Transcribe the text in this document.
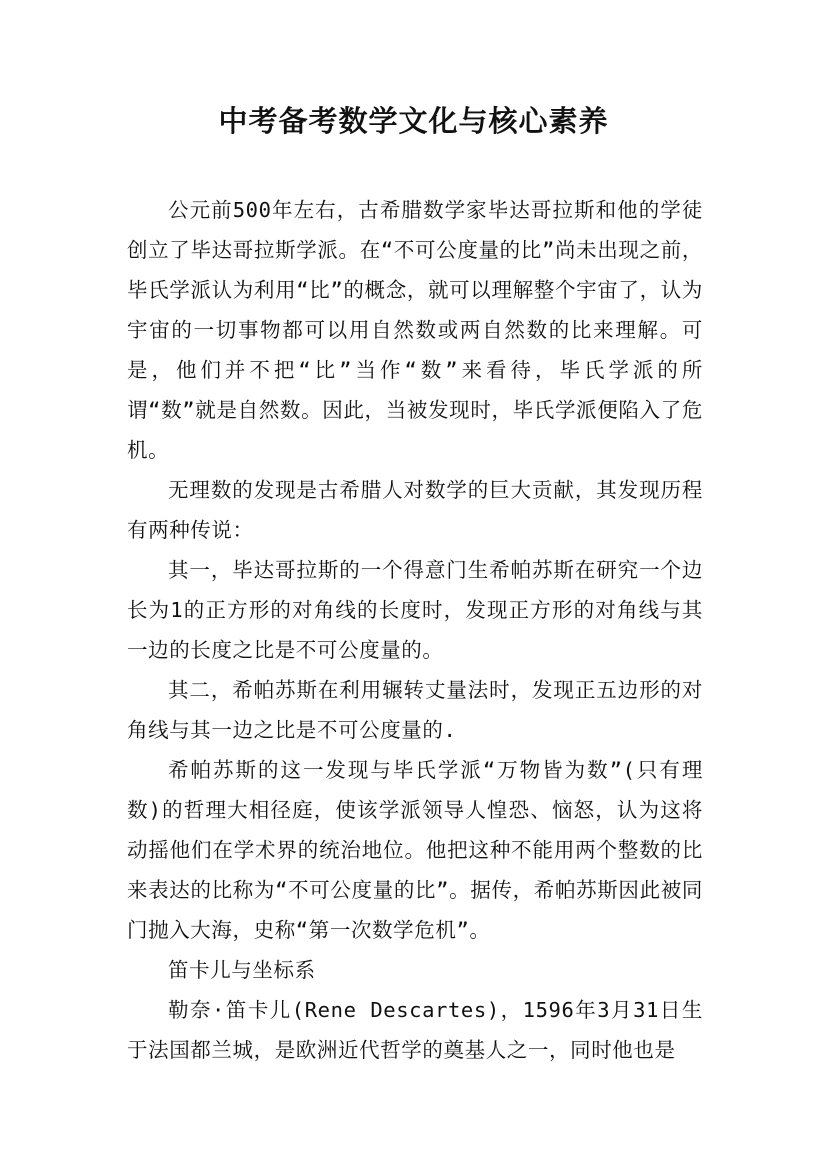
中考备考数学文化与核心素养

公元前500年左右，古希腊数学家毕达哥拉斯和他的学徒创立了毕达哥拉斯学派。在“不可公度量的比”尚未出现之前，毕氏学派认为利用“比”的概念，就可以理解整个宇宙了，认为宇宙的一切事物都可以用自然数或两自然数的比来理解。可是，他们并不把“比”当作“数”来看待，毕氏学派的所谓“数”就是自然数。因此，当被发现时，毕氏学派便陷入了危机。

无理数的发现是古希腊人对数学的巨大贡献，其发现历程有两种传说：

其一，毕达哥拉斯的一个得意门生希帕苏斯在研究一个边长为1的正方形的对角线的长度时，发现正方形的对角线与其一边的长度之比是不可公度量的。

其二，希帕苏斯在利用辗转丈量法时，发现正五边形的对角线与其一边之比是不可公度量的.

希帕苏斯的这一发现与毕氏学派“万物皆为数”(只有理数)的哲理大相径庭，使该学派领导人惶恐、恼怒，认为这将动摇他们在学术界的统治地位。他把这种不能用两个整数的比来表达的比称为“不可公度量的比”。据传，希帕苏斯因此被同门抛入大海，史称“第一次数学危机”。

笛卡儿与坐标系

勒奈·笛卡儿(Rene Descartes)，1596年3月31日生于法国都兰城，是欧洲近代哲学的奠基人之一，同时他也是
